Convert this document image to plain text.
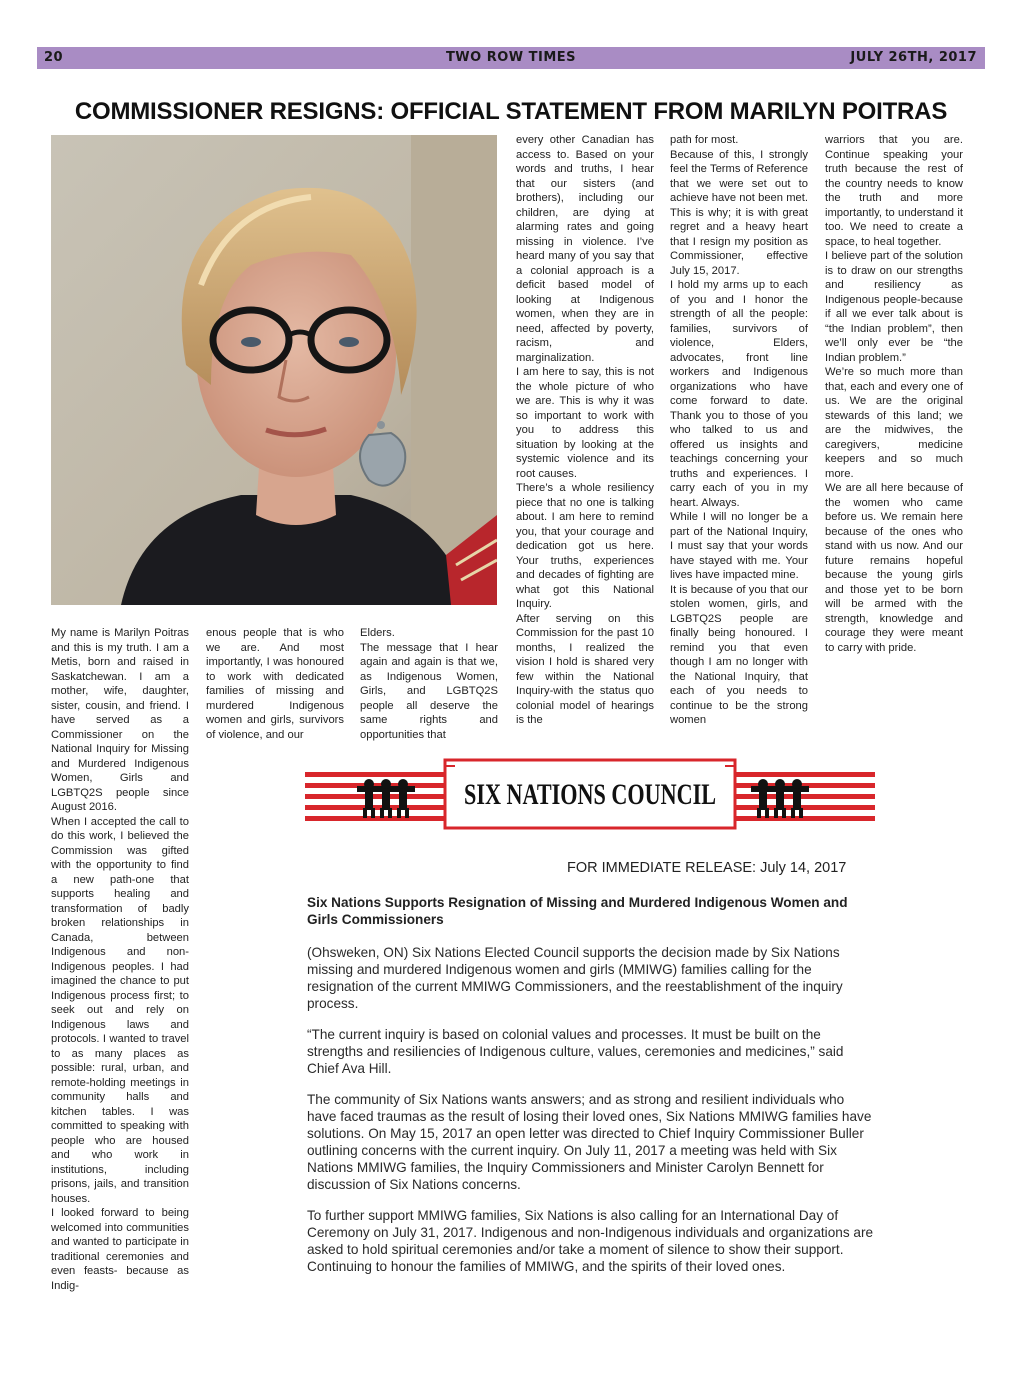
20	TWO ROW TIMES	JULY 26TH, 2017
COMMISSIONER RESIGNS: OFFICIAL STATEMENT FROM MARILYN POITRAS

My name is Marilyn Poitras and this is my truth. I am a Metis, born and raised in Saskatchewan. I am a mother, wife, daughter, sister, cousin, and friend. I have served as a Commissioner on the National Inquiry for Missing and Murdered Indigenous Women, Girls and LGBTQ2S people since August 2016.

When I accepted the call to do this work, I believed the Commission was gifted with the opportunity to find a new path-one that supports healing and transformation of badly broken relationships in Canada, between Indigenous and non-Indigenous peoples. I had imagined the chance to put Indigenous process first; to seek out and rely on Indigenous laws and protocols. I wanted to travel to as many places as possible: rural, urban, and remote-holding meetings in community halls and kitchen tables. I was committed to speaking with people who are housed and who work in institutions, including prisons, jails, and transition houses.

I looked forward to being welcomed into communities and wanted to participate in traditional ceremonies and even feasts- because as Indig-

enous people that is who we are. And most importantly, I was honoured to work with dedicated families of missing and murdered Indigenous women and girls, survivors of violence, and our

Elders.

The message that I hear again and again is that we, as Indigenous Women, Girls, and LGBTQ2S people all deserve the same rights and opportunities that

every other Canadian has access to. Based on your words and truths, I hear that our sisters (and brothers), including our children, are dying at alarming rates and going missing in violence. I’ve heard many of you say that a colonial approach is a deficit based model of looking at Indigenous women, when they are in need, affected by poverty, racism, and marginalization.

I am here to say, this is not the whole picture of who we are. This is why it was so important to work with you to address this situation by looking at the systemic violence and its root causes.

There’s a whole resiliency piece that no one is talking about. I am here to remind you, that your courage and dedication got us here. Your truths, experiences and decades of fighting are what got this National Inquiry.

After serving on this Commission for the past 10 months, I realized the vision I hold is shared very few within the National Inquiry-with the status quo colonial model of hearings is the

path for most.

Because of this, I strongly feel the Terms of Reference that we were set out to achieve have not been met. This is why; it is with great regret and a heavy heart that I resign my position as Commissioner, effective July 15, 2017.

I hold my arms up to each of you and I honor the strength of all the people: families, survivors of violence, Elders, advocates, front line workers and Indigenous organizations who have come forward to date. Thank you to those of you who talked to us and offered us insights and teachings concerning your truths and experiences. I carry each of you in my heart. Always.

While I will no longer be a part of the National Inquiry, I must say that your words have stayed with me. Your lives have impacted mine.

It is because of you that our stolen women, girls, and LGBTQ2S people are finally being honoured. I remind you that even though I am no longer with the National Inquiry, that each of you needs to continue to be the strong women

warriors that you are. Continue speaking your truth because the rest of the country needs to know the truth and more importantly, to understand it too. We need to create a space, to heal together.

I believe part of the solution is to draw on our strengths and resiliency as Indigenous people-because if all we ever talk about is “the Indian problem”, then we’ll only ever be “the Indian problem.”

We’re so much more than that, each and every one of us. We are the original stewards of this land; we are the midwives, the caregivers, medicine keepers and so much more.

We are all here because of the women who came before us. We remain here because of the ones who stand with us now. And our future remains hopeful because the young girls and those yet to be born will be armed with the strength, knowledge and courage they were meant to carry with pride.

SIX NATIONS COUNCIL
FOR IMMEDIATE RELEASE: July 14, 2017
Six Nations Supports Resignation of Missing and Murdered Indigenous Women and Girls Commissioners

(Ohsweken, ON) Six Nations Elected Council supports the decision made by Six Nations missing and murdered Indigenous women and girls (MMIWG) families calling for the resignation of the current MMIWG Commissioners, and the reestablishment of the inquiry process.

“The current inquiry is based on colonial values and processes. It must be built on the strengths and resiliencies of Indigenous culture, values, ceremonies and medicines,” said Chief Ava Hill.

The community of Six Nations wants answers; and as strong and resilient individuals who have faced traumas as the result of losing their loved ones, Six Nations MMIWG families have solutions. On May 15, 2017 an open letter was directed to Chief Inquiry Commissioner Buller outlining concerns with the current inquiry. On July 11, 2017 a meeting was held with Six Nations MMIWG families, the Inquiry Commissioners and Minister Carolyn Bennett for discussion of Six Nations concerns.

To further support MMIWG families, Six Nations is also calling for an International Day of Ceremony on July 31, 2017. Indigenous and non-Indigenous individuals and organizations are asked to hold spiritual ceremonies and/or take a moment of silence to show their support. Continuing to honour the families of MMIWG, and the spirits of their loved ones.
